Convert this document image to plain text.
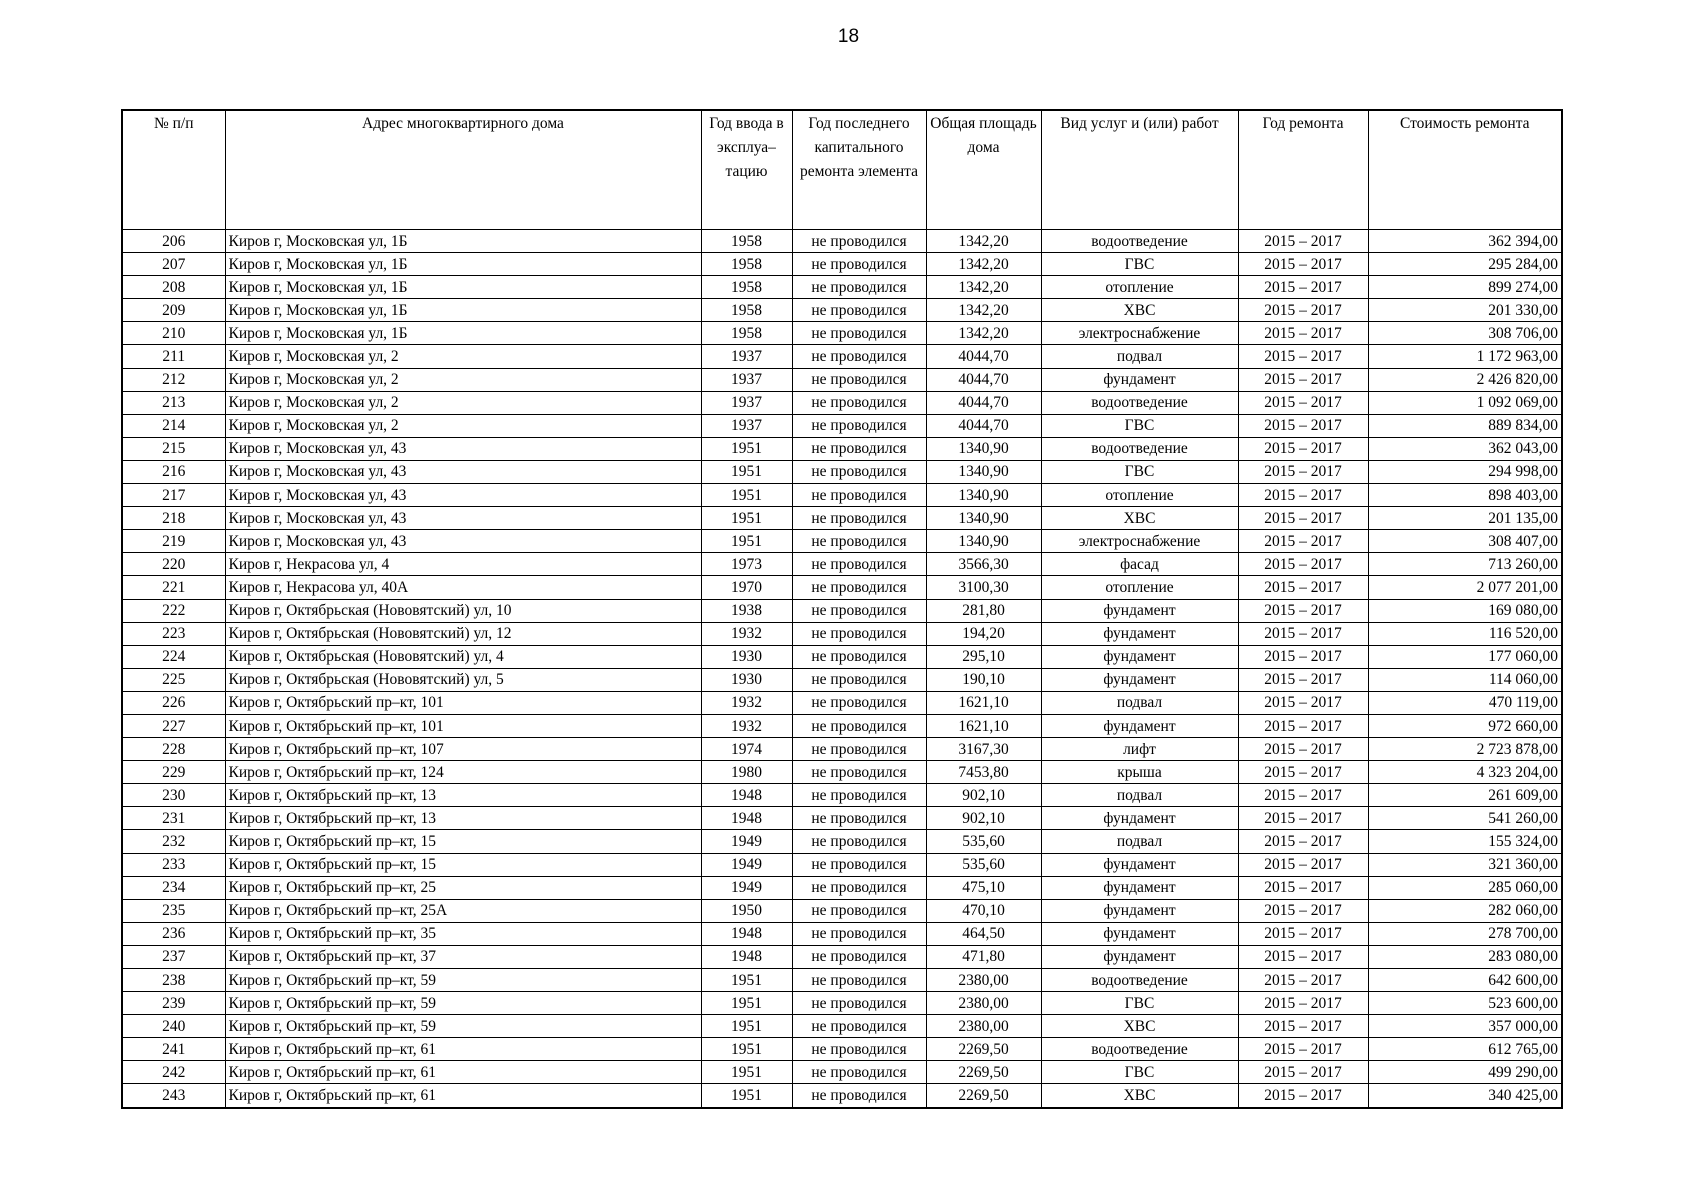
18
№ п/п	Адрес многоквартирного дома	Год ввода в эксплуа–тацию	Год последнего капитального ремонта элемента	Общая площадь дома	Вид услуг и (или) работ	Год ремонта	Стоимость ремонта
206	Киров г, Московская ул, 1Б	1958	не проводился	1342,20	водоотведение	2015 – 2017	362 394,00
207	Киров г, Московская ул, 1Б	1958	не проводился	1342,20	ГВС	2015 – 2017	295 284,00
208	Киров г, Московская ул, 1Б	1958	не проводился	1342,20	отопление	2015 – 2017	899 274,00
209	Киров г, Московская ул, 1Б	1958	не проводился	1342,20	ХВС	2015 – 2017	201 330,00
210	Киров г, Московская ул, 1Б	1958	не проводился	1342,20	электроснабжение	2015 – 2017	308 706,00
211	Киров г, Московская ул, 2	1937	не проводился	4044,70	подвал	2015 – 2017	1 172 963,00
212	Киров г, Московская ул, 2	1937	не проводился	4044,70	фундамент	2015 – 2017	2 426 820,00
213	Киров г, Московская ул, 2	1937	не проводился	4044,70	водоотведение	2015 – 2017	1 092 069,00
214	Киров г, Московская ул, 2	1937	не проводился	4044,70	ГВС	2015 – 2017	889 834,00
215	Киров г, Московская ул, 43	1951	не проводился	1340,90	водоотведение	2015 – 2017	362 043,00
216	Киров г, Московская ул, 43	1951	не проводился	1340,90	ГВС	2015 – 2017	294 998,00
217	Киров г, Московская ул, 43	1951	не проводился	1340,90	отопление	2015 – 2017	898 403,00
218	Киров г, Московская ул, 43	1951	не проводился	1340,90	ХВС	2015 – 2017	201 135,00
219	Киров г, Московская ул, 43	1951	не проводился	1340,90	электроснабжение	2015 – 2017	308 407,00
220	Киров г, Некрасова ул, 4	1973	не проводился	3566,30	фасад	2015 – 2017	713 260,00
221	Киров г, Некрасова ул, 40А	1970	не проводился	3100,30	отопление	2015 – 2017	2 077 201,00
222	Киров г, Октябрьская (Нововятский) ул, 10	1938	не проводился	281,80	фундамент	2015 – 2017	169 080,00
223	Киров г, Октябрьская (Нововятский) ул, 12	1932	не проводился	194,20	фундамент	2015 – 2017	116 520,00
224	Киров г, Октябрьская (Нововятский) ул, 4	1930	не проводился	295,10	фундамент	2015 – 2017	177 060,00
225	Киров г, Октябрьская (Нововятский) ул, 5	1930	не проводился	190,10	фундамент	2015 – 2017	114 060,00
226	Киров г, Октябрьский пр–кт, 101	1932	не проводился	1621,10	подвал	2015 – 2017	470 119,00
227	Киров г, Октябрьский пр–кт, 101	1932	не проводился	1621,10	фундамент	2015 – 2017	972 660,00
228	Киров г, Октябрьский пр–кт, 107	1974	не проводился	3167,30	лифт	2015 – 2017	2 723 878,00
229	Киров г, Октябрьский пр–кт, 124	1980	не проводился	7453,80	крыша	2015 – 2017	4 323 204,00
230	Киров г, Октябрьский пр–кт, 13	1948	не проводился	902,10	подвал	2015 – 2017	261 609,00
231	Киров г, Октябрьский пр–кт, 13	1948	не проводился	902,10	фундамент	2015 – 2017	541 260,00
232	Киров г, Октябрьский пр–кт, 15	1949	не проводился	535,60	подвал	2015 – 2017	155 324,00
233	Киров г, Октябрьский пр–кт, 15	1949	не проводился	535,60	фундамент	2015 – 2017	321 360,00
234	Киров г, Октябрьский пр–кт, 25	1949	не проводился	475,10	фундамент	2015 – 2017	285 060,00
235	Киров г, Октябрьский пр–кт, 25А	1950	не проводился	470,10	фундамент	2015 – 2017	282 060,00
236	Киров г, Октябрьский пр–кт, 35	1948	не проводился	464,50	фундамент	2015 – 2017	278 700,00
237	Киров г, Октябрьский пр–кт, 37	1948	не проводился	471,80	фундамент	2015 – 2017	283 080,00
238	Киров г, Октябрьский пр–кт, 59	1951	не проводился	2380,00	водоотведение	2015 – 2017	642 600,00
239	Киров г, Октябрьский пр–кт, 59	1951	не проводился	2380,00	ГВС	2015 – 2017	523 600,00
240	Киров г, Октябрьский пр–кт, 59	1951	не проводился	2380,00	ХВС	2015 – 2017	357 000,00
241	Киров г, Октябрьский пр–кт, 61	1951	не проводился	2269,50	водоотведение	2015 – 2017	612 765,00
242	Киров г, Октябрьский пр–кт, 61	1951	не проводился	2269,50	ГВС	2015 – 2017	499 290,00
243	Киров г, Октябрьский пр–кт, 61	1951	не проводился	2269,50	ХВС	2015 – 2017	340 425,00
